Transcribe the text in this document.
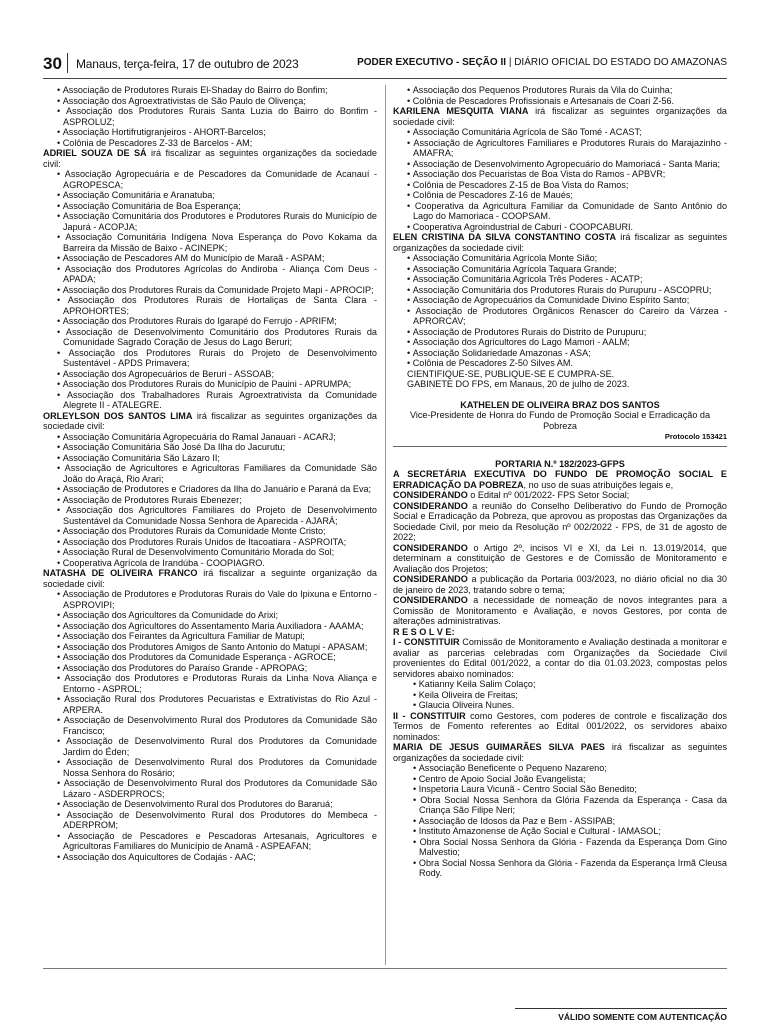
30 Manaus, terça-feira, 17 de outubro de 2023	PODER EXECUTIVO - SEÇÃO II | DIÁRIO OFICIAL DO ESTADO DO AMAZONAS
• Associação de Produtores Rurais El-Shaday do Bairro do Bonfim;
• Associação dos Agroextrativistas de São Paulo de Olivença;
• Associação dos Produtores Rurais Santa Luzia do Bairro do Bonfim - ASPROLUZ;
• Associação Hortifrutigranjeiros - AHORT-Barcelos;
• Colônia de Pescadores Z-33 de Barcelos - AM;
ADRIEL SOUZA DE SÁ irá fiscalizar as seguintes organizações da sociedade civil:
• Associação Agropecuária e de Pescadores da Comunidade de Acanauí - AGROPESCA;
• Associação Comunitária e Aranatuba;
• Associação Comunitária de Boa Esperança;
• Associação Comunitária dos Produtores e Produtores Rurais do Município de Japurá - ACOPJA;
• Associação Comunitária Indígena Nova Esperança do Povo Kokama da Barreira da Missão de Baixo - ACINEPK;
• Associação de Pescadores AM do Município de Maraã - ASPAM;
• Associação dos Produtores Agrícolas do Andiroba - Aliança Com Deus - APADA;
• Associação dos Produtores Rurais da Comunidade Projeto Mapi - APROCIP;
• Associação dos Produtores Rurais de Hortaliças de Santa Clara - APROHORTES;
• Associação dos Produtores Rurais do Igarapé do Ferrujo - APRIFM;
• Associação de Desenvolvimento Comunitário dos Produtores Rurais da Comunidade Sagrado Coração de Jesus do Lago Beruri;
• Associação dos Produtores Rurais do Projeto de Desenvolvimento Sustentável - APDS Primavera;
• Associação dos Agropecuários de Beruri - ASSOAB;
• Associação dos Produtores Rurais do Município de Pauini - APRUMPA;
• Associação dos Trabalhadores Rurais Agroextrativista da Comunidade Alegrete II - ATALEGRE.
ORLEYLSON DOS SANTOS LIMA irá fiscalizar as seguintes organizações da sociedade civil:
• Associação Comunitária Agropecuária do Ramal Janauari - ACARJ;
• Associação Comunitária São José Da Ilha do Jacurutu;
• Associação Comunitária São Lázaro II;
• Associação de Agricultores e Agricultoras Familiares da Comunidade São João do Araçá, Rio Arari;
• Associação de Produtores e Criadores da Ilha do Januário e Paraná da Eva;
• Associação de Produtores Rurais Ebenezer;
• Associação dos Agricultores Familiares do Projeto de Desenvolvimento Sustentável da Comunidade Nossa Senhora de Aparecida - AJARÁ;
• Associação dos Produtores Rurais da Comunidade Monte Cristo;
• Associação dos Produtores Rurais Unidos de Itacoatiara - ASPROITA;
• Associação Rural de Desenvolvimento Comunitário Morada do Sol;
• Cooperativa Agrícola de Irandúba - COOPIAGRO.
NATASHA DE OLIVEIRA FRANCO irá fiscalizar a seguinte organização da sociedade civil:
• Associação de Produtores e Produtoras Rurais do Vale do Ipixuna e Entorno - ASPROVIPI;
• Associação dos Agricultores da Comunidade do Arixi;
• Associação dos Agricultores do Assentamento Maria Auxiliadora - AAAMA;
• Associação dos Feirantes da Agricultura Familiar de Matupi;
• Associação dos Produtores Amigos de Santo Antonio do Matupi - APASAM;
• Associação dos Produtores da Comunidade Esperança - AGROCE;
• Associação dos Produtores do Paraíso Grande - APROPAG;
• Associação dos Produtores e Produtoras Rurais da Linha Nova Aliança e Entorno - ASPROL;
• Associação Rural dos Produtores Pecuaristas e Extrativistas do Rio Azul - ARPERA.
• Associação de Desenvolvimento Rural dos Produtores da Comunidade São Francisco;
• Associação de Desenvolvimento Rural dos Produtores da Comunidade Jardim do Éden;
• Associação de Desenvolvimento Rural dos Produtores da Comunidade Nossa Senhora do Rosário;
• Associação de Desenvolvimento Rural dos Produtores da Comunidade São Lázaro - ASDERPROCS;
• Associação de Desenvolvimento Rural dos Produtores do Bararuá;
• Associação de Desenvolvimento Rural dos Produtores do Membeca - ADERPROM;
• Associação de Pescadores e Pescadoras Artesanais, Agricultores e Agricultoras Familiares do Município de Anamã - ASPEAFAN;
• Associação dos Aquicultores de Codajás - AAC;
• Associação dos Pequenos Produtores Rurais da Vila do Cuinha;
• Colônia de Pescadores Profissionais e Artesanais de Coari Z-56.
KARILENA MESQUITA VIANA irá fiscalizar as seguintes organizações da sociedade civil:
• Associação Comunitária Agrícola de São Tomé - ACAST;
• Associação de Agricultores Familiares e Produtores Rurais do Marajazinho - AMAFRA;
• Associação de Desenvolvimento Agropecuário do Mamoriacá - Santa Maria;
• Associação dos Pecuaristas de Boa Vista do Ramos - APBVR;
• Colônia de Pescadores Z-15 de Boa Vista do Ramos;
• Colônia de Pescadores Z-16 de Maués;
• Cooperativa da Agricultura Familiar da Comunidade de Santo Antônio do Lago do Mamoriaca - COOPSAM.
• Cooperativa Agroindustrial de Caburi - COOPCABURI.
ELEN CRISTINA DA SILVA CONSTANTINO COSTA irá fiscalizar as seguintes organizações da sociedade civil:
• Associação Comunitária Agrícola Monte Sião;
• Associação Comunitária Agrícola Taquara Grande;
• Associação Comunitária Agrícola Três Poderes - ACATP;
• Associação Comunitária dos Produtores Rurais do Purupuru - ASCOPRU;
• Associação de Agropecuários da Comunidade Divino Espírito Santo;
• Associação de Produtores Orgânicos Renascer do Careiro da Várzea - APRORCAV;
• Associação de Produtores Rurais do Distrito de Purupuru;
• Associação dos Agricultores do Lago Mamori - AALM;
• Associação Solidariedade Amazonas - ASA;
• Colônia de Pescadores Z-50 Silves AM.
CIENTIFIQUE-SE, PUBLIQUE-SE E CUMPRA-SE.
GABINETE DO FPS, em Manaus, 20 de julho de 2023.
KATHELEN DE OLIVEIRA BRAZ DOS SANTOS
Vice-Presidente de Honra do Fundo de Promoção Social e Erradicação da Pobreza
Protocolo 153421
PORTARIA N.º 182/2023-GFPS
A SECRETÁRIA EXECUTIVA DO FUNDO DE PROMOÇÃO SOCIAL E ERRADICAÇÃO DA POBREZA, no uso de suas atribuições legais e,
CONSIDERANDO o Edital nº 001/2022- FPS Setor Social;
CONSIDERANDO a reunião do Conselho Deliberativo do Fundo de Promoção Social e Erradicação da Pobreza, que aprovou as propostas das Organizações da Sociedade Civil, por meio da Resolução nº 002/2022 - FPS, de 31 de agosto de 2022;
CONSIDERANDO o Artigo 2º, incisos VI e XI, da Lei n. 13.019/2014, que determinam a constituição de Gestores e de Comissão de Monitoramento e Avaliação dos Projetos;
CONSIDERANDO a publicação da Portaria 003/2023, no diário oficial no dia 30 de janeiro de 2023, tratando sobre o tema;
CONSIDERANDO a necessidade de nomeação de novos integrantes para a Comissão de Monitoramento e Avaliação, e novos Gestores, por conta de alterações administrativas.
R E S O L V E:
I - CONSTITUIR Comissão de Monitoramento e Avaliação destinada a monitorar e avaliar as parcerias celebradas com Organizações da Sociedade Civil provenientes do Edital 001/2022, a contar do dia 01.03.2023, compostas pelos servidores abaixo nominados:
• Katianny Keila Salim Colaço;
• Keila Oliveira de Freitas;
• Glaucia Oliveira Nunes.
II - CONSTITUIR como Gestores, com poderes de controle e fiscalização dos Termos de Fomento referentes ao Edital 001/2022, os servidores abaixo nominados:
MARIA DE JESUS GUIMARÃES SILVA PAES irá fiscalizar as seguintes organizações da sociedade civil:
• Associação Beneficente o Pequeno Nazareno;
• Centro de Apoio Social João Evangelista;
• Inspetoria Laura Vicunã - Centro Social São Benedito;
• Obra Social Nossa Senhora da Glória Fazenda da Esperança - Casa da Criança São Filipe Neri;
• Associação de Idosos da Paz e Bem - ASSIPAB;
• Instituto Amazonense de Ação Social e Cultural - IAMASOL;
• Obra Social Nossa Senhora da Glória - Fazenda da Esperança Dom Gino Malvestio;
• Obra Social Nossa Senhora da Glória - Fazenda da Esperança Irmã Cleusa Rody.
VÁLIDO SOMENTE COM AUTENTICAÇÃO
